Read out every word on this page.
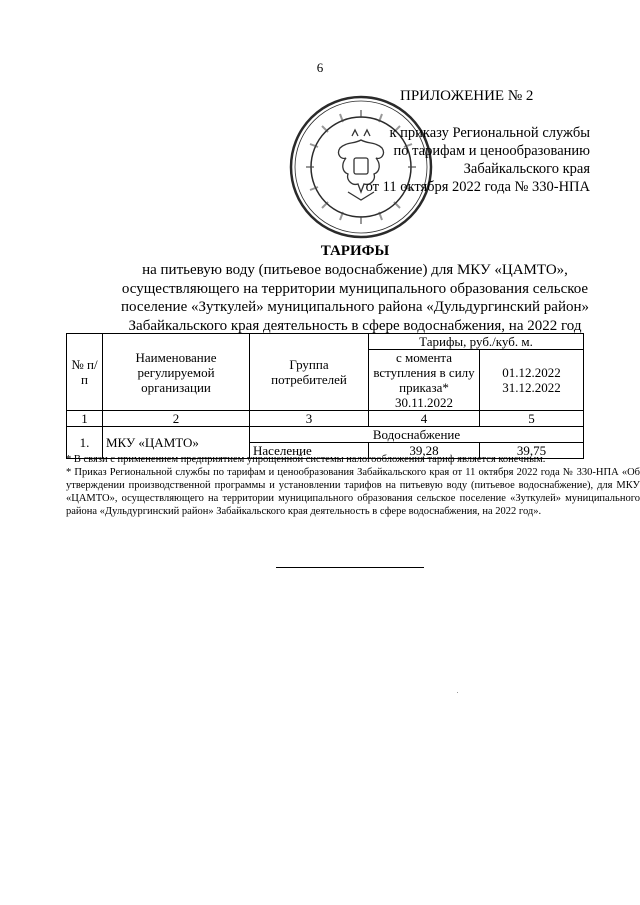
6
ПРИЛОЖЕНИЕ № 2
к приказу Региональной службы
по тарифам и ценообразованию
Забайкальского края
от 11 октября 2022 года № 330-НПА
ТАРИФЫ
на питьевую воду (питьевое водоснабжение) для МКУ «ЦАМТО»,
осуществляющего на территории муниципального образования сельское
поселение «Зуткулей» муниципального района «Дульдургинский район»
Забайкальского края деятельность в сфере водоснабжения, на 2022 год
№ п/п	Наименование регулируемой организации	Группа потребителей	Тарифы, руб./куб. м.	
			с момента вступления в силу приказа* 30.11.2022	01.12.2022 31.12.2022
1	2	3	4	5
1.	МКУ «ЦАМТО»	Водоснабжение		
		Население	39,28	39,75

* В связи с применением предприятием упрощенной системы налогообложения тариф является конечным.

* Приказ Региональной службы по тарифам и ценообразования Забайкальского края от 11 октября 2022 года № 330-НПА «Об утверждении производственной программы и установлении тарифов на питьевую воду (питьевое водоснабжение), для МКУ «ЦАМТО», осуществляющего на территории муниципального образования сельское поселение «Зуткулей» муниципального района «Дульдургинский район» Забайкальского края деятельность в сфере водоснабжения, на 2022 год».
